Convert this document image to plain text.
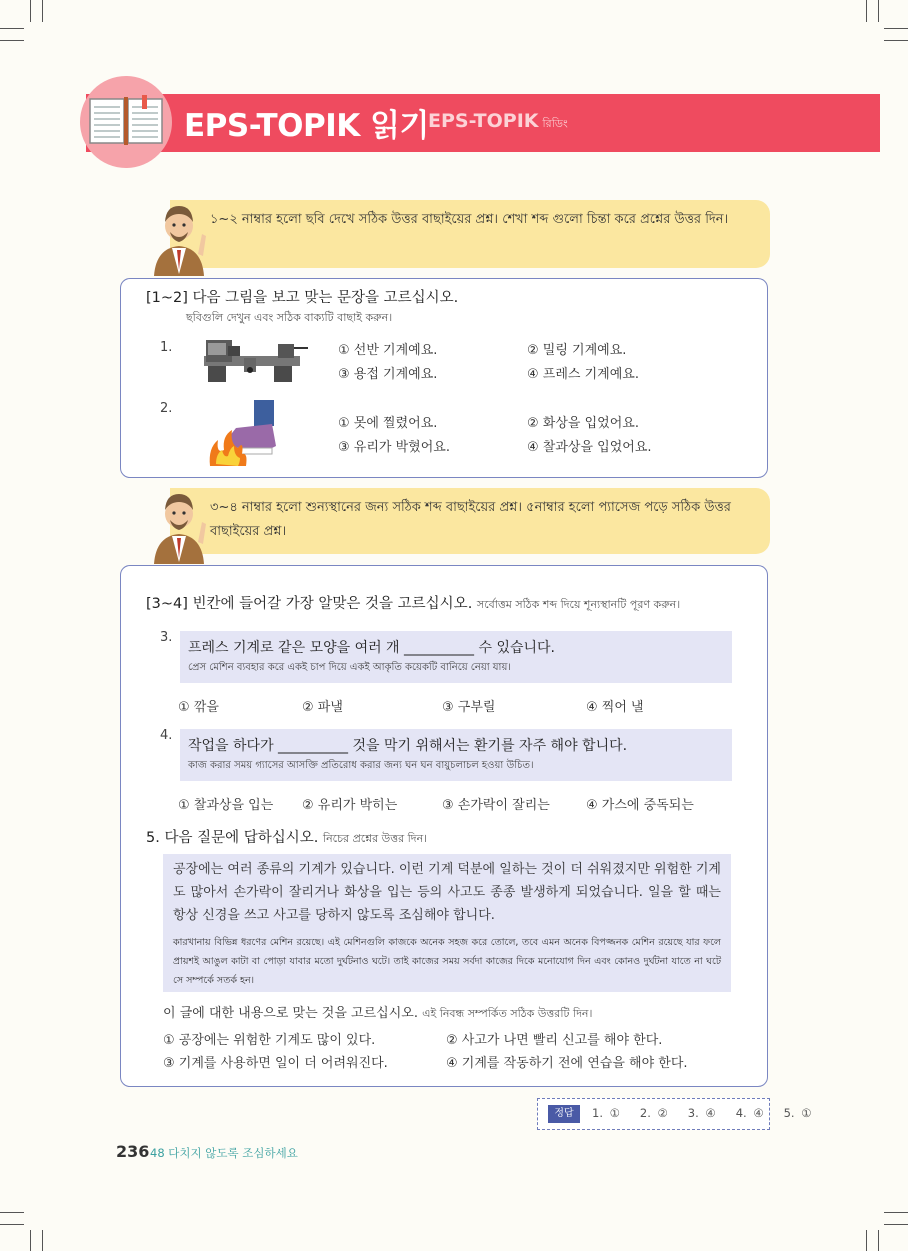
EPS-TOPIK 읽기 EPS-TOPIK রিডিং
১~২ নাম্বার হলো ছবি দেখে সঠিক উত্তর বাছাইয়ের প্রশ্ন। শেখা শব্দ গুলো চিন্তা করে প্রশ্নের উত্তর দিন।
[1~2] 다음 그림을 보고 맞는 문장을 고르십시오.
ছবিগুলি দেখুন এবং সঠিক বাক্যটি বাছাই করুন।
1.	① 선반 기계예요.	② 밀링 기계예요.
③ 용접 기계예요.	④ 프레스 기계예요.
2.
① 못에 찔렸어요.	② 화상을 입었어요.
③ 유리가 박혔어요.	④ 찰과상을 입었어요.
৩~৪ নাম্বার হলো শুন্যস্থানের জন্য সঠিক শব্দ বাছাইয়ের প্রশ্ন। ৫নাম্বার হলো প্যাসেজ পড়ে সঠিক উত্তর বাছাইয়ের প্রশ্ন।
[3~4] 빈칸에 들어갈 가장 알맞은 것을 고르십시오. সর্বোত্তম সঠিক শব্দ দিয়ে শূন্যস্থানটি পূরণ করুন।
3.
프레스 기계로 같은 모양을 여러 개 __________ 수 있습니다.
প্রেস মেশিন ব্যবহার করে একই চাপ দিয়ে একই আকৃতি কয়েকটি বানিয়ে নেয়া যায়।
① 깎을	② 파낼	③ 구부릴	④ 찍어 낼
4.
작업을 하다가 __________ 것을 막기 위해서는 환기를 자주 해야 합니다.
কাজ করার সময় গ্যাসের আসক্তি প্রতিরোধ করার জন্য ঘন ঘন বায়ুচলাচল হওয়া উচিত।
① 찰과상을 입는 ② 유리가 박히는	③ 손가락이 잘리는	④ 가스에 중독되는
5. 다음 질문에 답하십시오. নিচের প্রশ্নের উত্তর দিন।
공장에는 여러 종류의 기계가 있습니다. 이런 기계 덕분에 일하는 것이 더 쉬워졌지만 위험한 기계도 많아서 손가락이 잘리거나 화상을 입는 등의 사고도 종종 발생하게 되었습니다. 일을 할 때는 항상 신경을 쓰고 사고를 당하지 않도록 조심해야 합니다.
কারখানায় বিভিন্ন ধরণের মেশিন রয়েছে। এই মেশিনগুলি কাজকে অনেক সহজ করে তোলে, তবে এমন অনেক বিপজ্জনক মেশিন রয়েছে যার ফলে প্রায়শই আঙুল কাটা বা পোড়া যাবার মতো দুর্ঘটনাও ঘটে। তাই কাজের সময় সর্বদা কাজের দিকে মনোযোগ দিন এবং কোনও দুর্ঘটনা যাতে না ঘটে সে সম্পর্কে সতর্ক হন।
이 글에 대한 내용으로 맞는 것을 고르십시오. এই নিবন্ধ সম্পর্কিত সঠিক উত্তরটি দিন।
① 공장에는 위험한 기계도 많이 있다.	② 사고가 나면 빨리 신고를 해야 한다.
③ 기계를 사용하면 일이 더 어려워진다.	④ 기계를 작동하기 전에 연습을 해야 한다.
정답	1. ①   2. ②   3. ④   4. ④   5. ①
236 48 다치지 않도록 조심하세요
